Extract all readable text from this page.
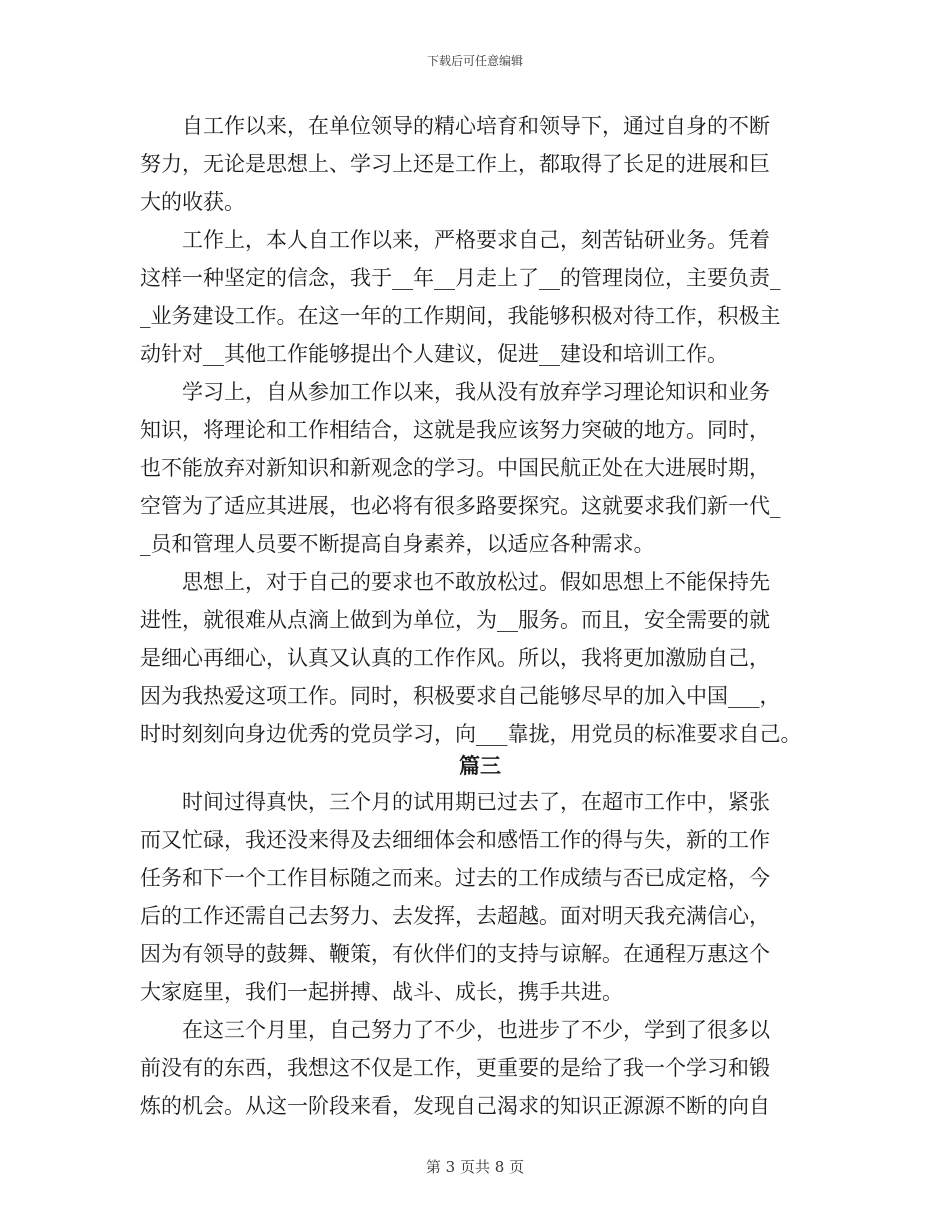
下载后可任意编辑
　　自工作以来，在单位领导的精心培育和领导下，通过自身的不断
努力，无论是思想上、学习上还是工作上，都取得了长足的进展和巨
大的收获。
　　工作上，本人自工作以来，严格要求自己，刻苦钻研业务。凭着
这样一种坚定的信念，我于__年__月走上了__的管理岗位，主要负责_
_业务建设工作。在这一年的工作期间，我能够积极对待工作，积极主
动针对__其他工作能够提出个人建议，促进__建设和培训工作。
　　学习上，自从参加工作以来，我从没有放弃学习理论知识和业务
知识，将理论和工作相结合，这就是我应该努力突破的地方。同时，
也不能放弃对新知识和新观念的学习。中国民航正处在大进展时期，
空管为了适应其进展，也必将有很多路要探究。这就要求我们新一代_
_员和管理人员要不断提高自身素养，以适应各种需求。
　　思想上，对于自己的要求也不敢放松过。假如思想上不能保持先
进性，就很难从点滴上做到为单位，为__服务。而且，安全需要的就
是细心再细心，认真又认真的工作作风。所以，我将更加激励自己，
因为我热爱这项工作。同时，积极要求自己能够尽早的加入中国___，
时时刻刻向身边优秀的党员学习，向___靠拢，用党员的标准要求自己。
篇三
　　时间过得真快，三个月的试用期已过去了，在超市工作中，紧张
而又忙碌，我还没来得及去细细体会和感悟工作的得与失，新的工作
任务和下一个工作目标随之而来。过去的工作成绩与否已成定格，今
后的工作还需自己去努力、去发挥，去超越。面对明天我充满信心，
因为有领导的鼓舞、鞭策，有伙伴们的支持与谅解。在通程万惠这个
大家庭里，我们一起拼搏、战斗、成长，携手共进。
　　在这三个月里，自己努力了不少，也进步了不少，学到了很多以
前没有的东西，我想这不仅是工作，更重要的是给了我一个学习和锻
炼的机会。从这一阶段来看，发现自己渴求的知识正源源不断的向自
第 3 页共 8 页
